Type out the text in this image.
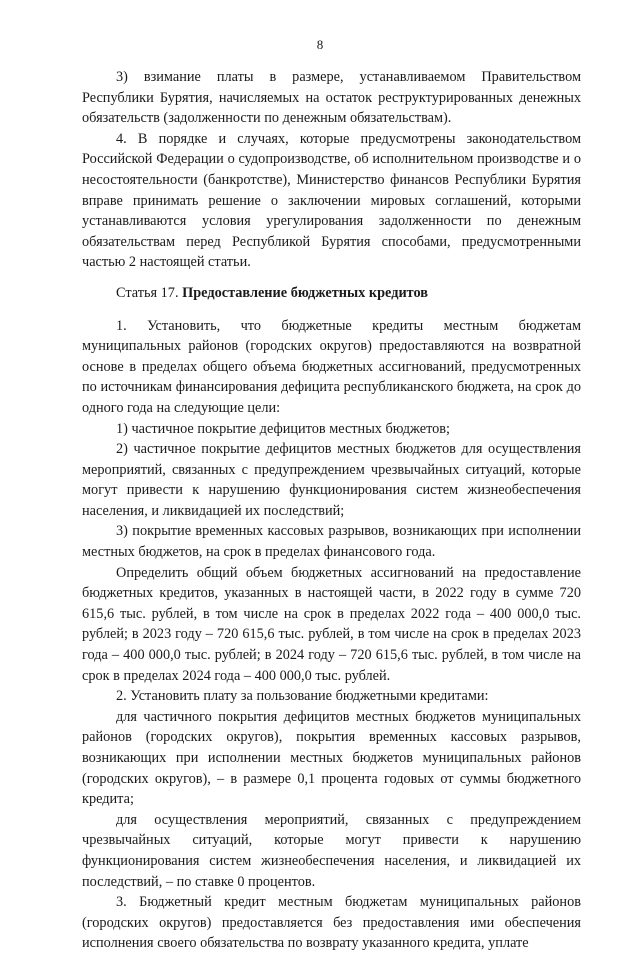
8

3) взимание платы в размере, устанавливаемом Правительством Республики Бурятия, начисляемых на остаток реструктурированных денежных обязательств (задолженности по денежным обязательствам).

4. В порядке и случаях, которые предусмотрены законодательством Российской Федерации о судопроизводстве, об исполнительном производстве и о несостоятельности (банкротстве), Министерство финансов Республики Бурятия вправе принимать решение о заключении мировых соглашений, которыми устанавливаются условия урегулирования задолженности по денежным обязательствам перед Республикой Бурятия способами, предусмотренными частью 2 настоящей статьи.

Статья 17. Предоставление бюджетных кредитов

1. Установить, что бюджетные кредиты местным бюджетам муниципальных районов (городских округов) предоставляются на возвратной основе в пределах общего объема бюджетных ассигнований, предусмотренных по источникам финансирования дефицита республиканского бюджета, на срок до одного года на следующие цели:

1) частичное покрытие дефицитов местных бюджетов;

2) частичное покрытие дефицитов местных бюджетов для осуществления мероприятий, связанных с предупреждением чрезвычайных ситуаций, которые могут привести к нарушению функционирования систем жизнеобеспечения населения, и ликвидацией их последствий;

3) покрытие временных кассовых разрывов, возникающих при исполнении местных бюджетов, на срок в пределах финансового года.

Определить общий объем бюджетных ассигнований на предоставление бюджетных кредитов, указанных в настоящей части, в 2022 году в сумме 720 615,6 тыс. рублей, в том числе на срок в пределах 2022 года – 400 000,0 тыс. рублей; в 2023 году – 720 615,6 тыс. рублей, в том числе на срок в пределах 2023 года – 400 000,0 тыс. рублей; в 2024 году – 720 615,6 тыс. рублей, в том числе на срок в пределах 2024 года – 400 000,0 тыс. рублей.

2. Установить плату за пользование бюджетными кредитами:

для частичного покрытия дефицитов местных бюджетов муниципальных районов (городских округов), покрытия временных кассовых разрывов, возникающих при исполнении местных бюджетов муниципальных районов (городских округов), – в размере 0,1 процента годовых от суммы бюджетного кредита;

для осуществления мероприятий, связанных с предупреждением чрезвычайных ситуаций, которые могут привести к нарушению функционирования систем жизнеобеспечения населения, и ликвидацией их последствий, – по ставке 0 процентов.

3. Бюджетный кредит местным бюджетам муниципальных районов (городских округов) предоставляется без предоставления ими обеспечения исполнения своего обязательства по возврату указанного кредита, уплате
